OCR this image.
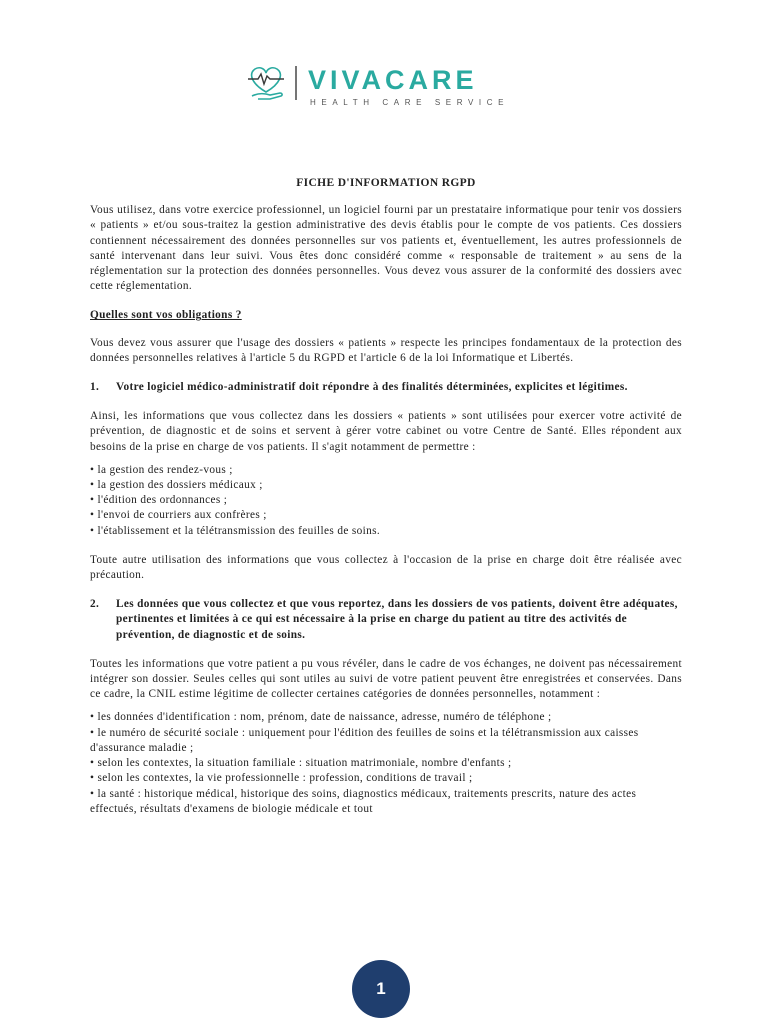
VIVACARE
HEALTH CARE SERVICE
FICHE D'INFORMATION RGPD

Vous utilisez, dans votre exercice professionnel, un logiciel fourni par un prestataire informatique pour tenir vos dossiers « patients » et/ou sous-traitez la gestion administrative des devis établis pour le compte de vos patients. Ces dossiers contiennent nécessairement des données personnelles sur vos patients et, éventuellement, les autres professionnels de santé intervenant dans leur suivi. Vous êtes donc considéré comme « responsable de traitement » au sens de la réglementation sur la protection des données personnelles. Vous devez vous assurer de la conformité des dossiers avec cette réglementation.

Quelles sont vos obligations ?

Vous devez vous assurer que l'usage des dossiers « patients » respecte les principes fondamentaux de la protection des données personnelles relatives à l'article 5 du RGPD et l'article 6 de la loi Informatique et Libertés.

1.	Votre logiciel médico-administratif doit répondre à des finalités déterminées, explicites et légitimes.

Ainsi, les informations que vous collectez dans les dossiers « patients » sont utilisées pour exercer votre activité de prévention, de diagnostic et de soins et servent à gérer votre cabinet ou votre Centre de Santé. Elles répondent aux besoins de la prise en charge de vos patients. Il s'agit notamment de permettre :

• la gestion des rendez-vous ;
• la gestion des dossiers médicaux ;
• l'édition des ordonnances ;
• l'envoi de courriers aux confrères ;
• l'établissement et la télétransmission des feuilles de soins.

Toute autre utilisation des informations que vous collectez à l'occasion de la prise en charge doit être réalisée avec précaution.

2.	Les données que vous collectez et que vous reportez, dans les dossiers de vos patients, doivent être adéquates, pertinentes et limitées à ce qui est nécessaire à la prise en charge du patient au titre des activités de prévention, de diagnostic et de soins.

Toutes les informations que votre patient a pu vous révéler, dans le cadre de vos échanges, ne doivent pas nécessairement intégrer son dossier. Seules celles qui sont utiles au suivi de votre patient peuvent être enregistrées et conservées. Dans ce cadre, la CNIL estime légitime de collecter certaines catégories de données personnelles, notamment :

• les données d'identification : nom, prénom, date de naissance, adresse, numéro de téléphone ;
• le numéro de sécurité sociale : uniquement pour l'édition des feuilles de soins et la télétransmission aux caisses d'assurance maladie ;
• selon les contextes, la situation familiale : situation matrimoniale, nombre d'enfants ;
• selon les contextes, la vie professionnelle : profession, conditions de travail ;
• la santé : historique médical, historique des soins, diagnostics médicaux, traitements prescrits, nature des actes effectués, résultats d'examens de biologie médicale et tout
1
